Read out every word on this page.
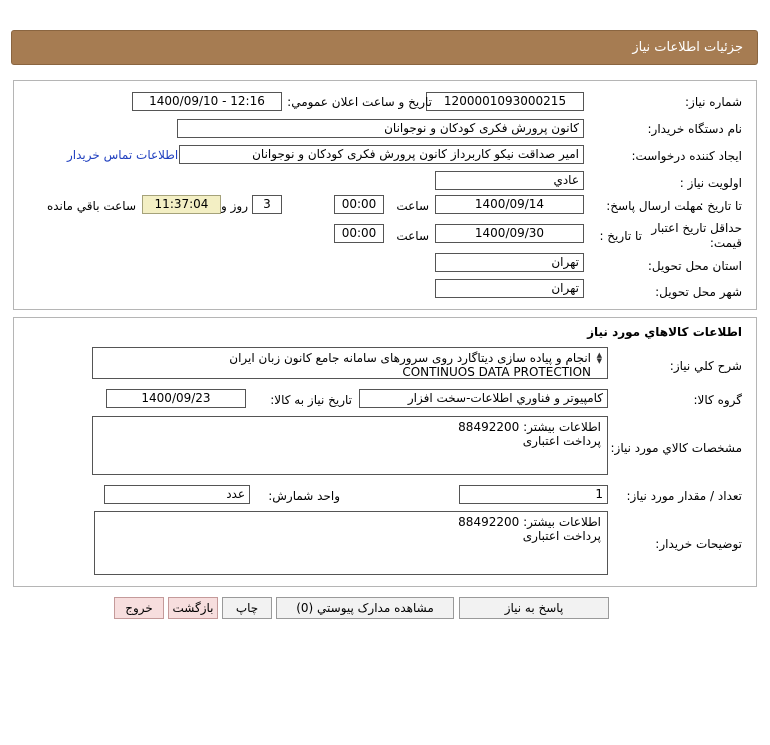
جزئيات اطلاعات نياز
شماره نياز:
1200001093000215
تاريخ و ساعت اعلان عمومي:
1400/09/10 - 12:16
نام دستگاه خريدار:
کانون پرورش فکری کودکان و نوجوانان
ايجاد کننده درخواست:
امیر صداقت نیکو کاربرداز کانون پرورش فکری کودکان و نوجوانان
اطلاعات تماس خريدار
اولويت نياز :
عادي
مهلت ارسال پاسخ:
تا تاريخ :
1400/09/14
ساعت
00:00
3
روز و
11:37:04
ساعت باقي مانده
حداقل تاريخ اعتبار
قيمت:
تا تاريخ :
1400/09/30
ساعت
00:00
استان محل تحويل:
تهران
شهر محل تحويل:
تهران
اطلاعات کالاهاي مورد نياز
شرح کلي نياز:
انجام و پیاده سازی دیتاگارد روی سرورهای سامانه جامع کانون زبان ایران
CONTINUOS DATA PROTECTION
▲
▼
گروه کالا:
کامپيوتر و فناوري اطلاعات-سخت افزار
تاريخ نياز به کالا:
1400/09/23
مشخصات کالاي مورد نياز:
اطلاعات بیشتر: 88492200
پرداخت اعتباری
تعداد / مقدار مورد نياز:
1
واحد شمارش:
عدد
توضيحات خريدار:
اطلاعات بیشتر: 88492200
پرداخت اعتباری
پاسخ به نياز
مشاهده مدارک پيوستي (0)
چاپ
بازگشت
خروج
